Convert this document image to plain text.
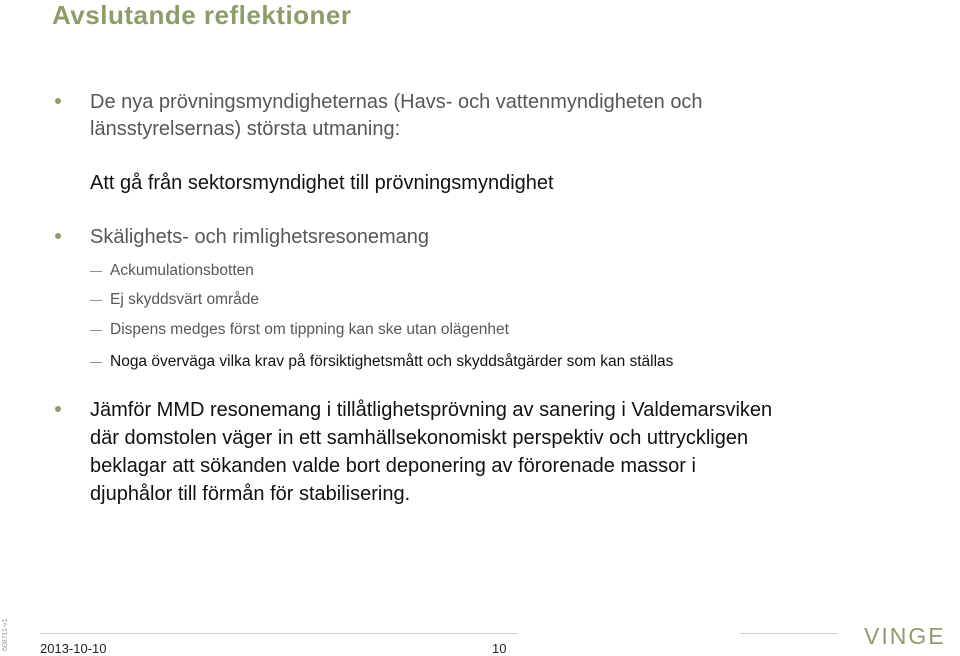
Avslutande reflektioner
De nya prövningsmyndigheternas (Havs- och vattenmyndigheten och
länsstyrelsernas) största utmaning:
Att gå från sektorsmyndighet till prövningsmyndighet
Skälighets- och rimlighetsresonemang
Ackumulationsbotten
Ej skyddsvärt område
Dispens medges först om tippning kan ske utan olägenhet
Noga överväga vilka krav på försiktighetsmått och skyddsåtgärder som kan ställas
Jämför MMD resonemang i tillåtlighetsprövning av sanering i Valdemarsviken
där domstolen väger in ett samhällsekonomiskt perspektiv och uttryckligen
beklagar att sökanden valde bort deponering av förorenade massor i
djuphålor till förmån för stabilisering.
2013-10-10	10	VINGE
608711-v1
